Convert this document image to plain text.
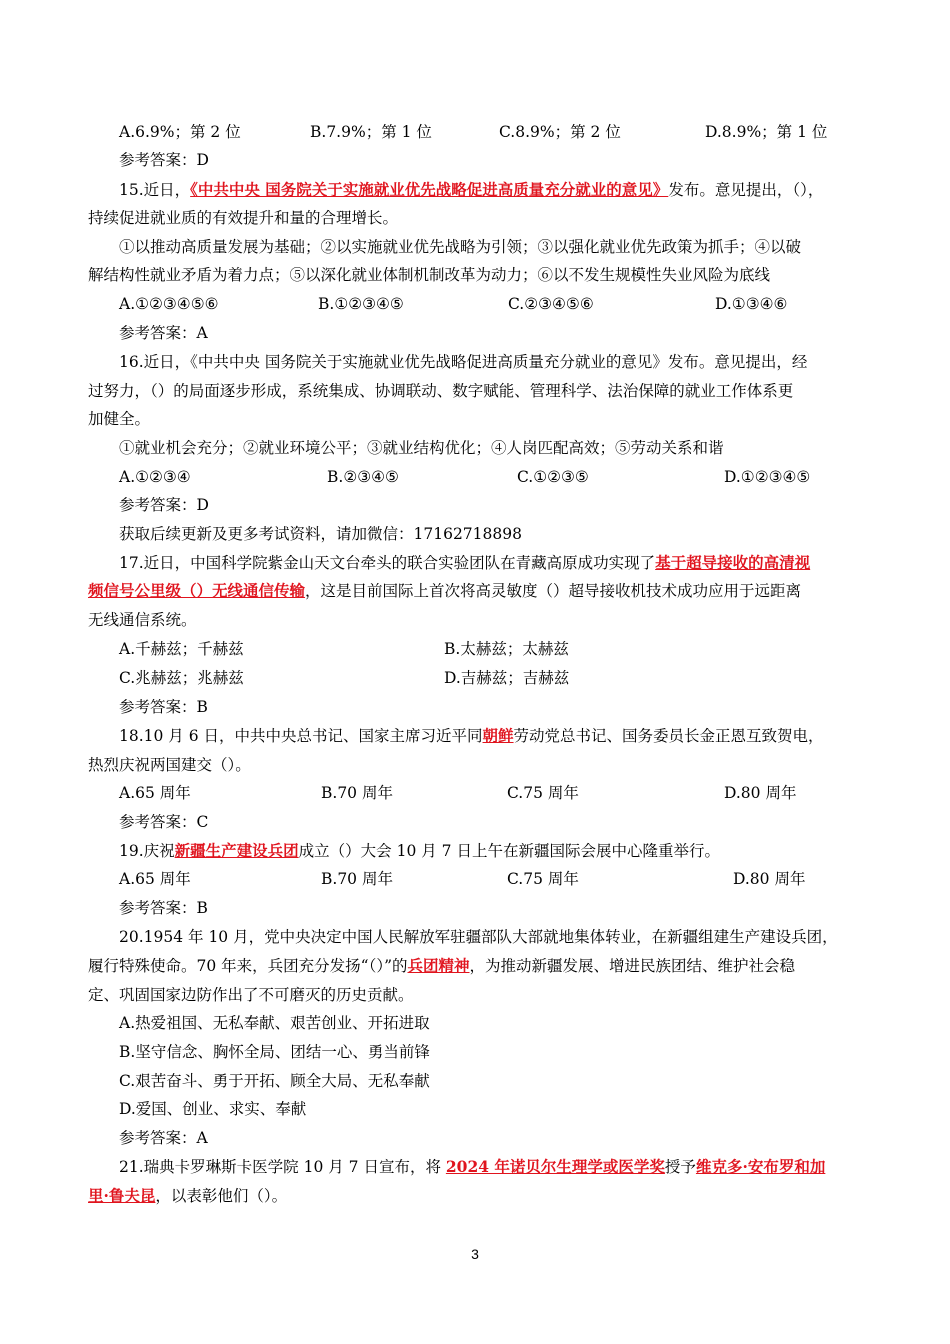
A.6.9%；第 2 位	B.7.9%；第 1 位	C.8.9%；第 2 位	D.8.9%；第 1 位
参考答案：D
15.近日，《中共中央 国务院关于实施就业优先战略促进高质量充分就业的意见》发布。意见提出，（），
持续促进就业质的有效提升和量的合理增长。
①以推动高质量发展为基础；②以实施就业优先战略为引领；③以强化就业优先政策为抓手；④以破
解结构性就业矛盾为着力点；⑤以深化就业体制机制改革为动力；⑥以不发生规模性失业风险为底线
A.①②③④⑤⑥	B.①②③④⑤	C.②③④⑤⑥	D.①③④⑥
参考答案：A
16.近日，《中共中央 国务院关于实施就业优先战略促进高质量充分就业的意见》发布。意见提出，经
过努力，（）的局面逐步形成，系统集成、协调联动、数字赋能、管理科学、法治保障的就业工作体系更
加健全。
①就业机会充分；②就业环境公平；③就业结构优化；④人岗匹配高效；⑤劳动关系和谐
A.①②③④	B.②③④⑤	C.①②③⑤	D.①②③④⑤
参考答案：D
获取后续更新及更多考试资料，请加微信：17162718898
17.近日，中国科学院紫金山天文台牵头的联合实验团队在青藏高原成功实现了基于超导接收的高清视
频信号公里级（）无线通信传输，这是目前国际上首次将高灵敏度（）超导接收机技术成功应用于远距离
无线通信系统。
A.千赫兹；千赫兹	B.太赫兹；太赫兹
C.兆赫兹；兆赫兹	D.吉赫兹；吉赫兹
参考答案：B
18.10 月 6 日，中共中央总书记、国家主席习近平同朝鲜劳动党总书记、国务委员长金正恩互致贺电，
热烈庆祝两国建交（）。
A.65 周年	B.70 周年	C.75 周年	D.80 周年
参考答案：C
19.庆祝新疆生产建设兵团成立（）大会 10 月 7 日上午在新疆国际会展中心隆重举行。
A.65 周年	B.70 周年	C.75 周年	D.80 周年
参考答案：B
20.1954 年 10 月，党中央决定中国人民解放军驻疆部队大部就地集体转业，在新疆组建生产建设兵团，
履行特殊使命。70 年来，兵团充分发扬“（）”的兵团精神，为推动新疆发展、增进民族团结、维护社会稳
定、巩固国家边防作出了不可磨灭的历史贡献。
A.热爱祖国、无私奉献、艰苦创业、开拓进取
B.坚守信念、胸怀全局、团结一心、勇当前锋
C.艰苦奋斗、勇于开拓、顾全大局、无私奉献
D.爱国、创业、求实、奉献
参考答案：A
21.瑞典卡罗琳斯卡医学院 10 月 7 日宣布，将 2024 年诺贝尔生理学或医学奖授予维克多·安布罗和加
里·鲁夫昆，以表彰他们（）。
3
